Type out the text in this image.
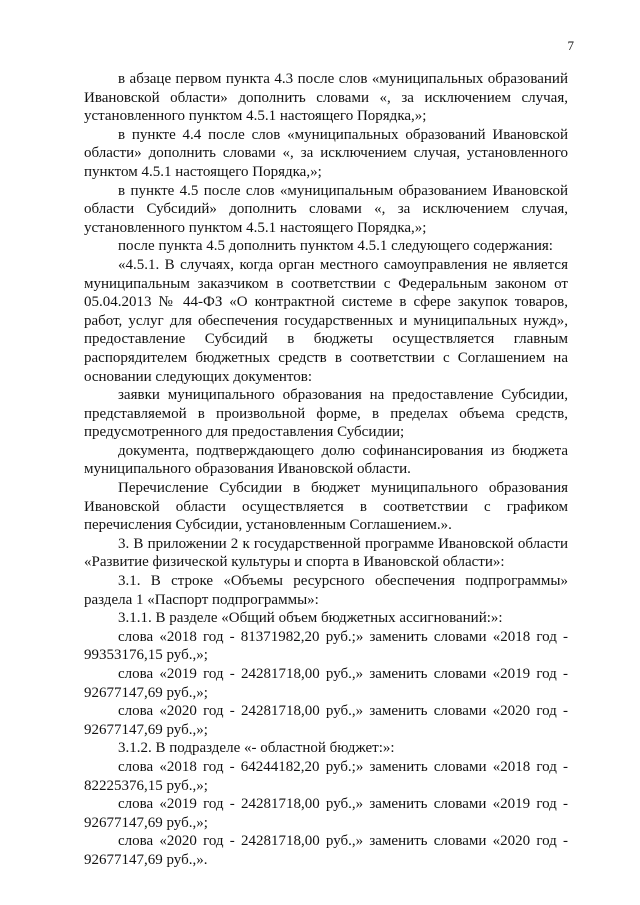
7

в абзаце первом пункта 4.3 после слов «муниципальных образований Ивановской области» дополнить словами «, за исключением случая, установленного пунктом 4.5.1 настоящего Порядка,»;

в пункте 4.4 после слов «муниципальных образований Ивановской области» дополнить словами «, за исключением случая, установленного пунктом 4.5.1 настоящего Порядка,»;

в пункте 4.5 после слов «муниципальным образованием Ивановской области Субсидий» дополнить словами «, за исключением случая, установленного пунктом 4.5.1 настоящего Порядка,»;

после пункта 4.5 дополнить пунктом 4.5.1 следующего содержания:

«4.5.1. В случаях, когда орган местного самоуправления не является муниципальным заказчиком в соответствии с Федеральным законом от 05.04.2013 № 44-ФЗ «О контрактной системе в сфере закупок товаров, работ, услуг для обеспечения государственных и муниципальных нужд», предоставление Субсидий в бюджеты осуществляется главным распорядителем бюджетных средств в соответствии с Соглашением на основании следующих документов:

заявки муниципального образования на предоставление Субсидии, представляемой в произвольной форме, в пределах объема средств, предусмотренного для предоставления Субсидии;

документа, подтверждающего долю софинансирования из бюджета муниципального образования Ивановской области.

Перечисление Субсидии в бюджет муниципального образования Ивановской области осуществляется в соответствии с графиком перечисления Субсидии, установленным Соглашением.».

3. В приложении 2 к государственной программе Ивановской области «Развитие физической культуры и спорта в Ивановской области»:

3.1. В строке «Объемы ресурсного обеспечения подпрограммы» раздела 1 «Паспорт подпрограммы»:

3.1.1. В разделе «Общий объем бюджетных ассигнований:»:

слова «2018 год - 81371982,20 руб.;» заменить словами «2018 год - 99353176,15 руб.,»;

слова «2019 год - 24281718,00 руб.,» заменить словами «2019 год - 92677147,69 руб.,»;

слова «2020 год - 24281718,00 руб.,» заменить словами «2020 год - 92677147,69 руб.,»;

3.1.2. В подразделе «- областной бюджет:»:

слова «2018 год - 64244182,20 руб.;» заменить словами «2018 год - 82225376,15 руб.,»;

слова «2019 год - 24281718,00 руб.,» заменить словами «2019 год - 92677147,69 руб.,»;

слова «2020 год - 24281718,00 руб.,» заменить словами «2020 год - 92677147,69 руб.,».
